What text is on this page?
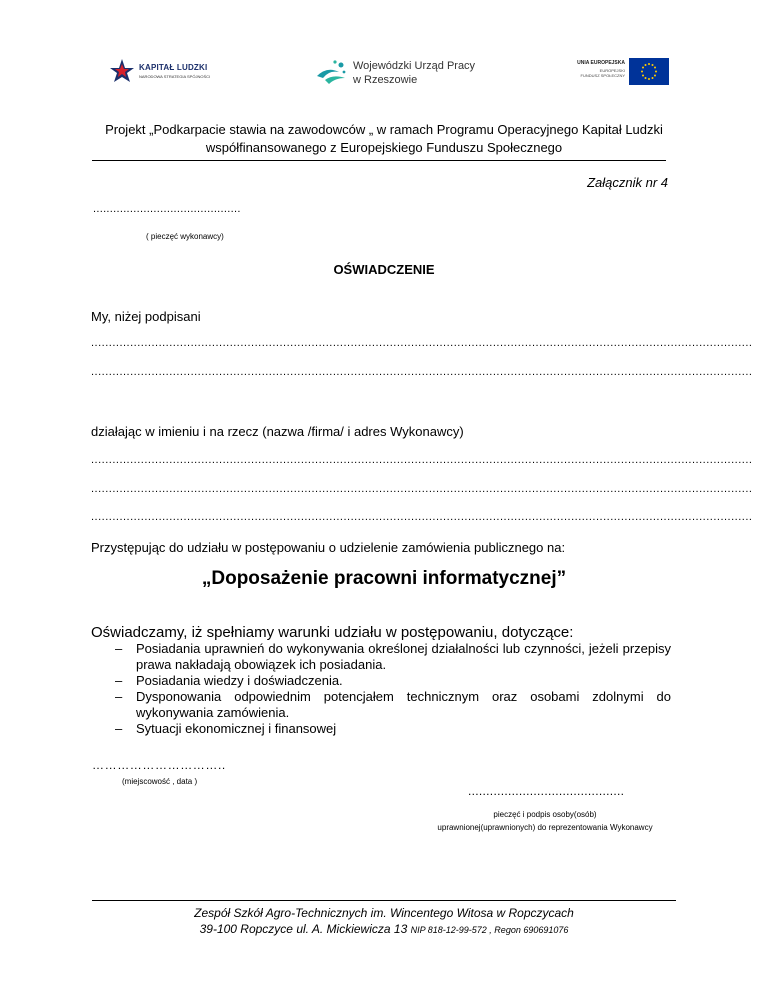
KAPITAŁ LUDZKI
NARODOWA STRATEGIA SPÓJNOŚCI
Wojewódzki Urząd Pracy
w Rzeszowie
UNIA EUROPEJSKA
EUROPEJSKI
FUNDUSZ SPOŁECZNY
Projekt „Podkarpacie stawia na zawodowców „ w ramach Programu Operacyjnego Kapitał Ludzki
współfinansowanego z Europejskiego Funduszu Społecznego
Załącznik nr 4
............................................
( pieczęć wykonawcy)
OŚWIADCZENIE
My, niżej podpisani
..........................................................................................................................................................................................
..........................................................................................................................................................................................
działając w imieniu i na rzecz (nazwa /firma/ i adres Wykonawcy)
..........................................................................................................................................................................................
..........................................................................................................................................................................................
..........................................................................................................................................................................................
Przystępując do udziału w postępowaniu o udzielenie zamówienia publicznego na:
„Doposażenie pracowni informatycznej”
Oświadczamy, iż spełniamy warunki udziału w postępowaniu, dotyczące:
– Posiadania uprawnień do wykonywania określonej działalności lub czynności, jeżeli przepisy prawa nakładają obowiązek ich posiadania.
– Posiadania wiedzy i doświadczenia.
– Dysponowania odpowiednim potencjałem technicznym oraz osobami zdolnymi do wykonywania zamówienia.
– Sytuacji ekonomicznej i finansowej
…………………………..
(miejscowość , data )
...........................................
pieczęć i podpis osoby(osób)
uprawnionej(uprawnionych) do reprezentowania Wykonawcy
Zespół Szkół Agro-Technicznych im. Wincentego Witosa w Ropczycach
39-100 Ropczyce ul. A. Mickiewicza 13 NIP 818-12-99-572 , Regon 690691076
